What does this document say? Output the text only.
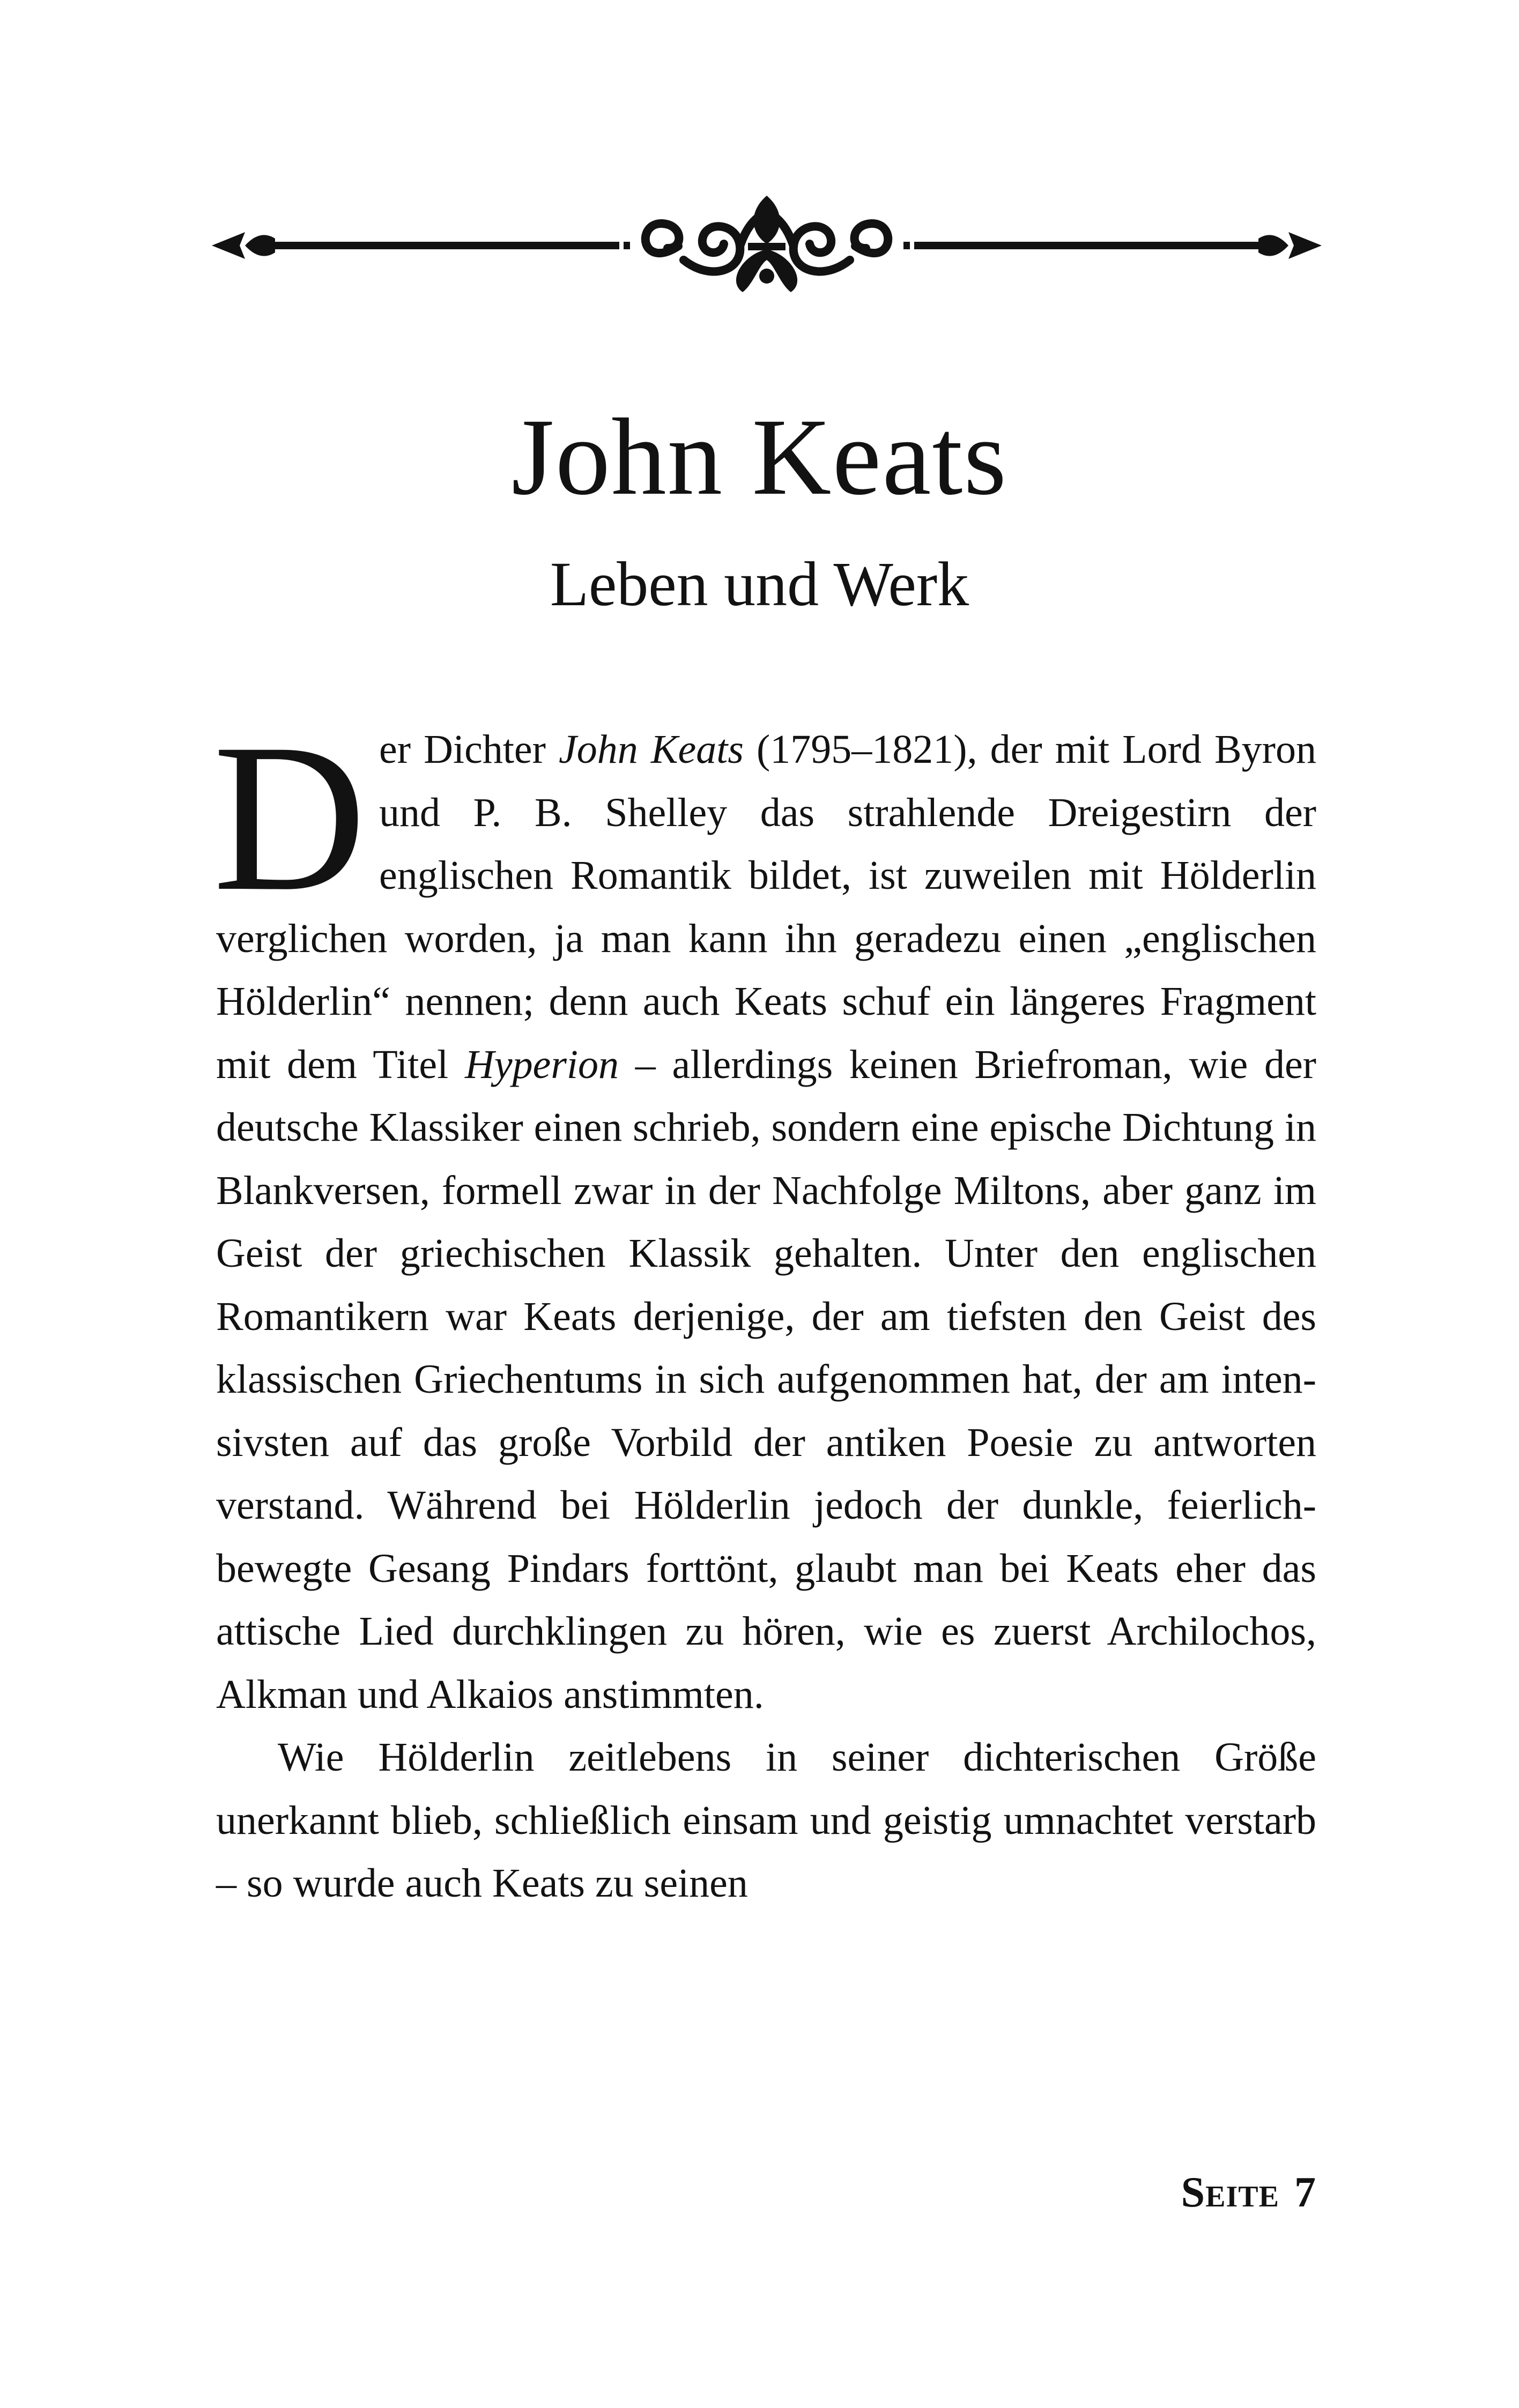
John Keats
Leben und Werk

Der Dichter John Keats (1795–1821), der mit Lord Byron und P. B. Shelley das strahlende Dreigestirn der englischen Romantik bildet, ist zuweilen mit Hölderlin verglichen worden, ja man kann ihn geradezu einen „englischen Hölderlin“ nennen; denn auch Keats schuf ein längeres Fragment mit dem Titel Hyperion – allerdings keinen Briefroman, wie der deutsche Klassiker einen schrieb, sondern eine epische Dichtung in Blankversen, formell zwar in der Nachfolge Miltons, aber ganz im Geist der griechischen Klassik gehalten. Unter den englischen Romantikern war Keats derjenige, der am tiefsten den Geist des klassischen Griechentums in sich aufgenommen hat, der am intensivsten auf das große Vorbild der antiken Poesie zu antworten verstand. Während bei Hölderlin jedoch der dunkle, feierlich-bewegte Gesang Pindars forttönt, glaubt man bei Keats eher das attische Lied durchklingen zu hören, wie es zuerst Archilochos, Alkman und Alkaios anstimmten.

Wie Hölderlin zeitlebens in seiner dichterischen Größe unerkannt blieb, schließlich einsam und geistig umnachtet verstarb – so wurde auch Keats zu seinen

Seite 7
